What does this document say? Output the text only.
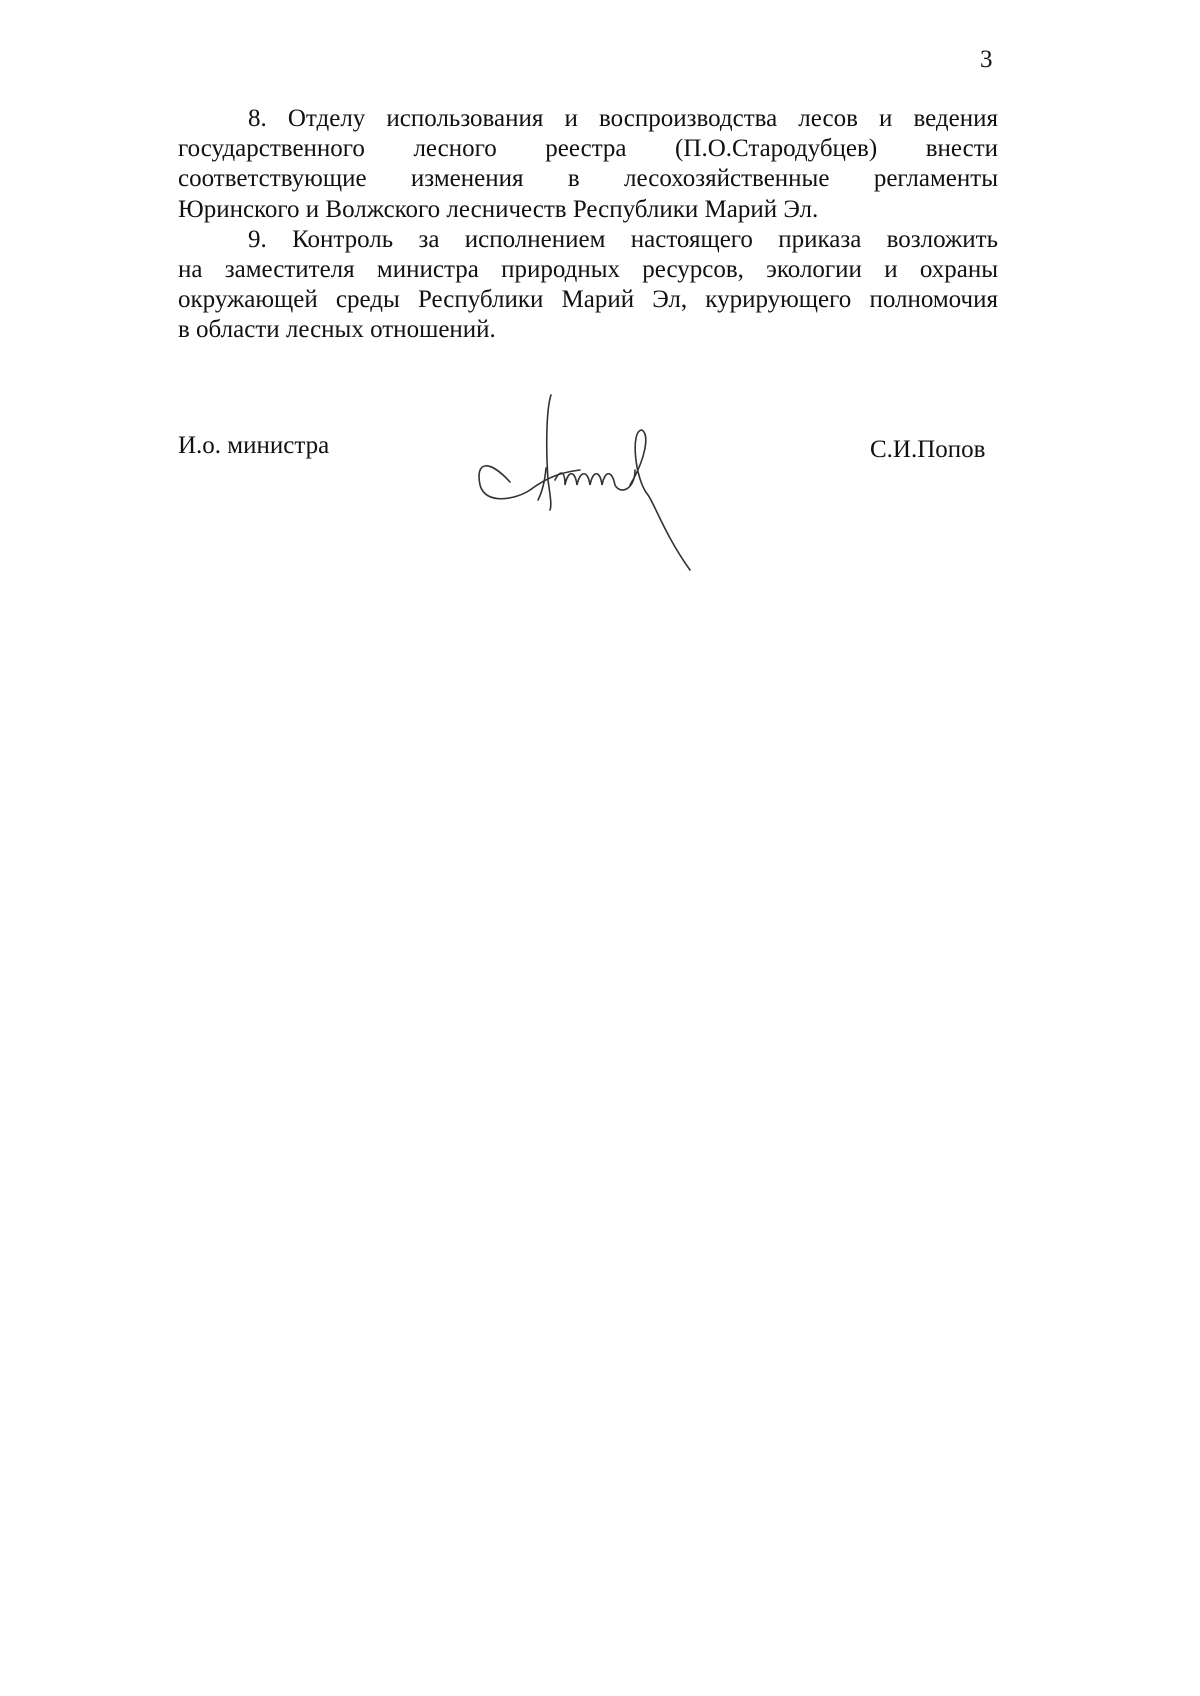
3
8. Отделу использования и воспроизводства лесов и ведения
государственного лесного реестра (П.О.Стародубцев) внести
соответствующие изменения в лесохозяйственные регламенты
Юринского и Волжского лесничеств Республики Марий Эл.
9. Контроль за исполнением настоящего приказа возложить
на заместителя министра природных ресурсов, экологии и охраны
окружающей среды Республики Марий Эл, курирующего полномочия
в области лесных отношений.
И.о. министра	С.И.Попов
